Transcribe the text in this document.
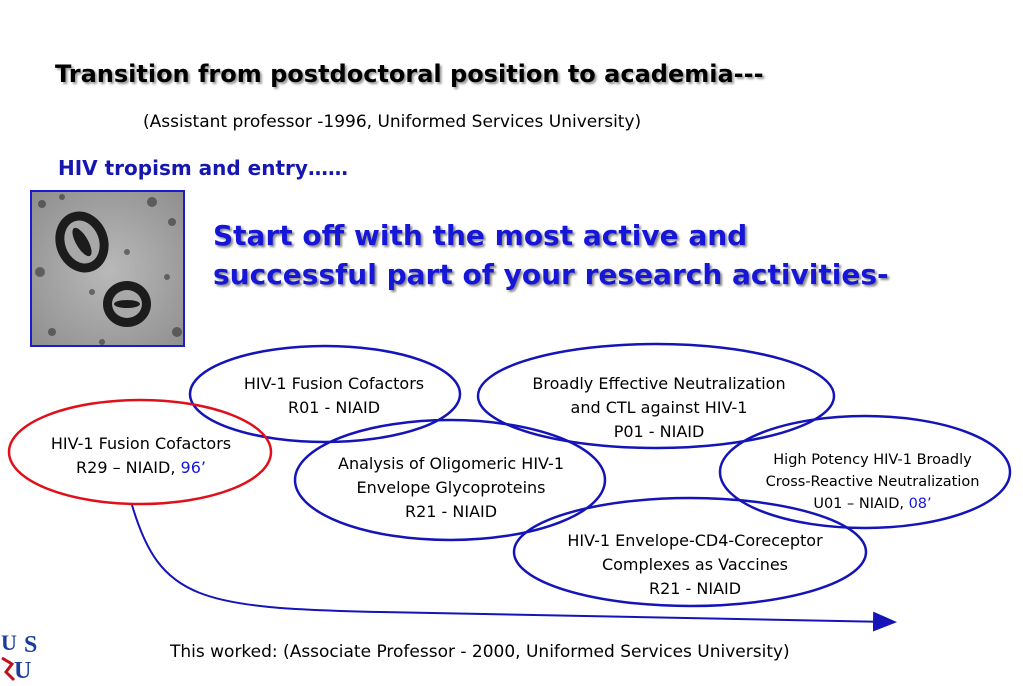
Transition from postdoctoral position to academia---
(Assistant professor -1996, Uniformed Services University)
HIV tropism and entry……
Start off with the most active and
successful part of your research activities-
HIV-1 Fusion Cofactors
R01 - NIAID
Broadly Effective Neutralization
and CTL against HIV-1
P01 - NIAID
HIV-1 Fusion Cofactors
R29 – NIAID, 96’	Analysis of Oligomeric HIV-1
Envelope Glycoproteins
R21 - NIAID
High Potency HIV-1 Broadly
Cross-Reactive Neutralization
U01 – NIAID, 08’
HIV-1 Envelope-CD4-Coreceptor
Complexes as Vaccines
R21 - NIAID
This worked: (Associate Professor - 2000, Uniformed Services University)
U S
U
